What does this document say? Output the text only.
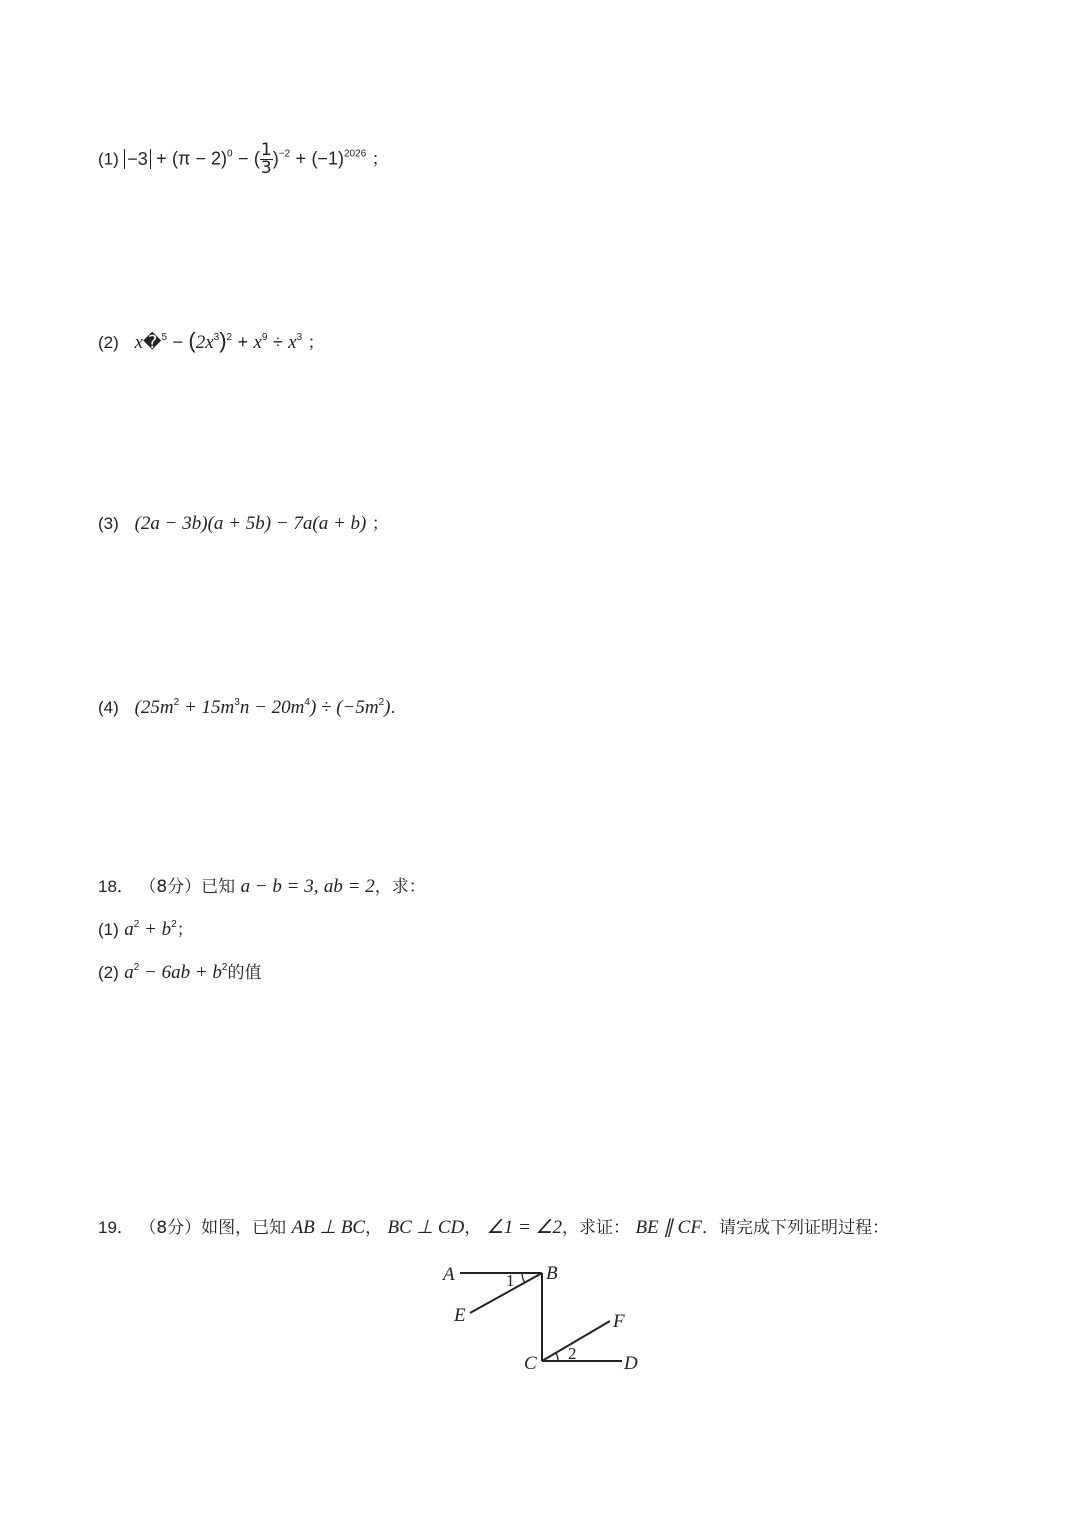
$(1) -3 + (\pi - 2)^0$ − ( $\frac{1}{3} )^{-2} + (-1)^{2026}$ ；
(2) x�$^5$ − $(2x^3)^2 + x^9 \div x^3$ ；
(3) (2a − 3b)(a + 5b) − 7a(a + b) ；
(4) $(25m^2 + 15m^3n - 20m^4) \div (-5m^2)$.
18． （8分）已知 a − b = 3, ab = 2，求：
(1) $a^2 + b^2$；
(2) $a^2 - 6ab + b^2$的值
19． （8分）如图，已知 AB ⊥ BC， BC ⊥ CD， ∠1 = ∠2，求证： BE ∥ CF．请完成下列证明过程：
A	B
E	F
C	D
1
2
